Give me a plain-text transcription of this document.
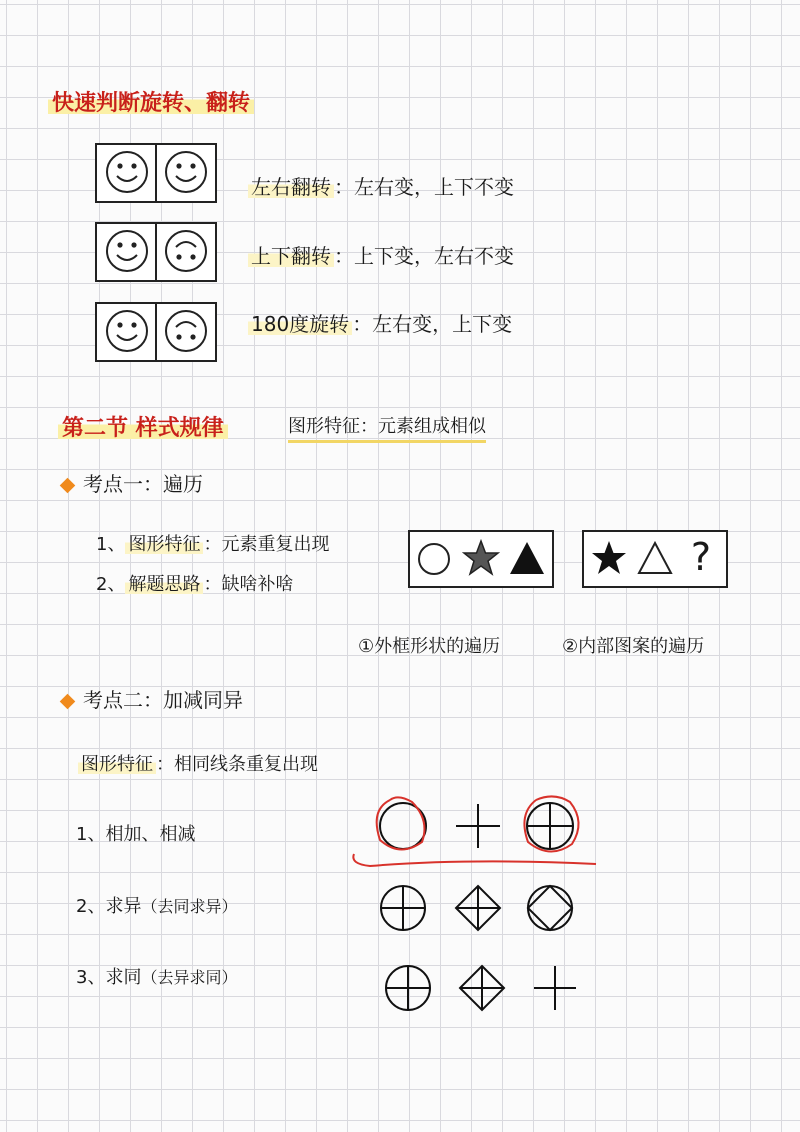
快速判断旋转、翻转
左右翻转 ：左右变，上下不变
上下翻转 ：上下变，左右不变
180度旋转 ：左右变，上下变
第二节 样式规律	图形特征：元素组成相似
考点一：遍历
1、 图形特征 ：元素重复出现
2、 解题思路 ：缺啥补啥
?
①外框形状的遍历	②内部图案的遍历
考点二：加减同异
图形特征 ：相同线条重复出现
1、相加、相减
2、求异（去同求异）
3、求同（去异求同）
